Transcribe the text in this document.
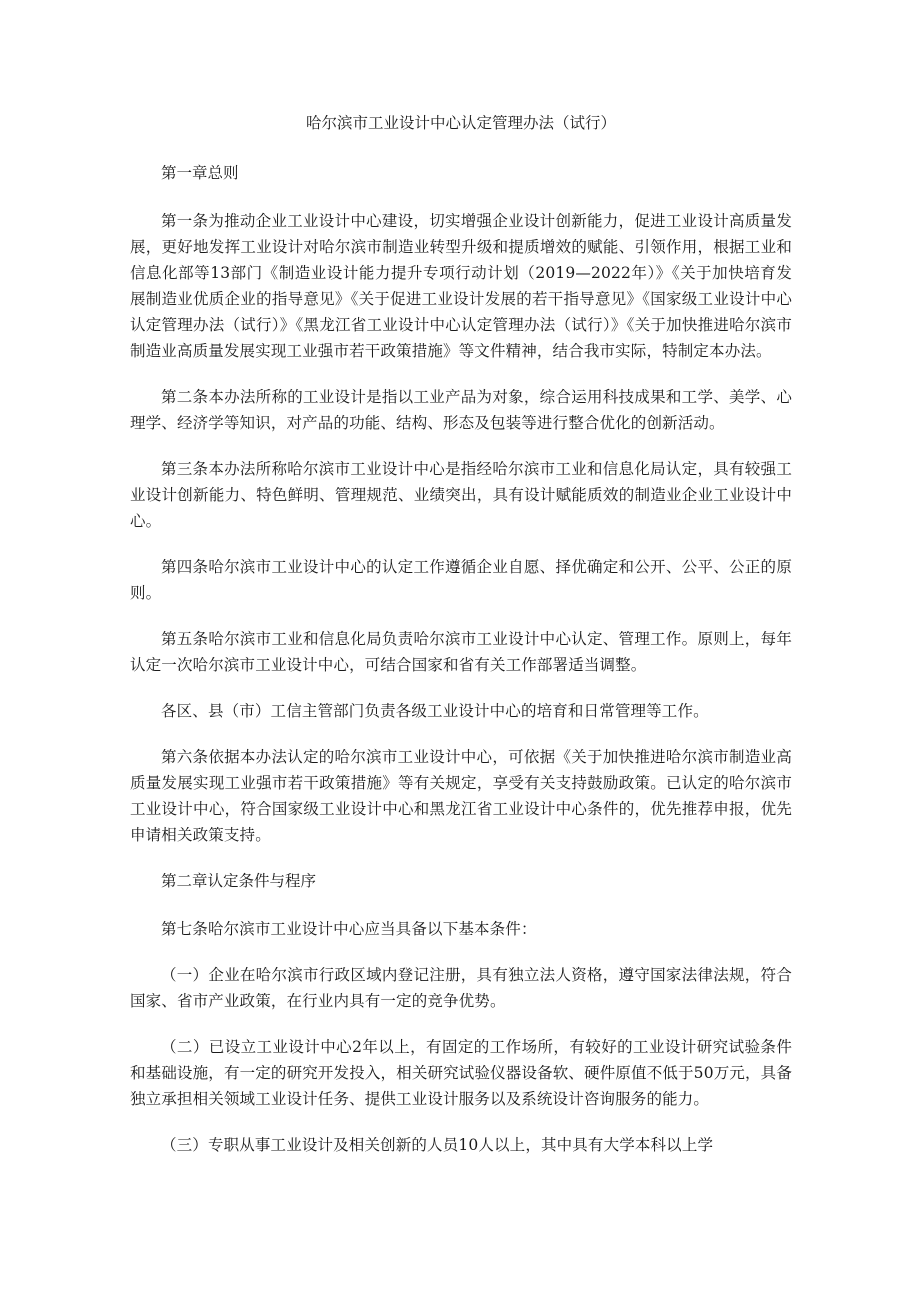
哈尔滨市工业设计中心认定管理办法（试行）
第一章总则
第一条为推动企业工业设计中心建设，切实增强企业设计创新能力，促进工业设计高质量发展，更好地发挥工业设计对哈尔滨市制造业转型升级和提质增效的赋能、引领作用，根据工业和信息化部等13部门《制造业设计能力提升专项行动计划（2019—2022年）》《关于加快培育发展制造业优质企业的指导意见》《关于促进工业设计发展的若干指导意见》《国家级工业设计中心认定管理办法（试行）》《黑龙江省工业设计中心认定管理办法（试行）》《关于加快推进哈尔滨市制造业高质量发展实现工业强市若干政策措施》等文件精神，结合我市实际，特制定本办法。
第二条本办法所称的工业设计是指以工业产品为对象，综合运用科技成果和工学、美学、心理学、经济学等知识，对产品的功能、结构、形态及包装等进行整合优化的创新活动。
第三条本办法所称哈尔滨市工业设计中心是指经哈尔滨市工业和信息化局认定，具有较强工业设计创新能力、特色鲜明、管理规范、业绩突出，具有设计赋能质效的制造业企业工业设计中心。
第四条哈尔滨市工业设计中心的认定工作遵循企业自愿、择优确定和公开、公平、公正的原则。
第五条哈尔滨市工业和信息化局负责哈尔滨市工业设计中心认定、管理工作。原则上，每年认定一次哈尔滨市工业设计中心，可结合国家和省有关工作部署适当调整。
各区、县（市）工信主管部门负责各级工业设计中心的培育和日常管理等工作。
第六条依据本办法认定的哈尔滨市工业设计中心，可依据《关于加快推进哈尔滨市制造业高质量发展实现工业强市若干政策措施》等有关规定，享受有关支持鼓励政策。已认定的哈尔滨市工业设计中心，符合国家级工业设计中心和黑龙江省工业设计中心条件的，优先推荐申报，优先申请相关政策支持。
第二章认定条件与程序
第七条哈尔滨市工业设计中心应当具备以下基本条件：
（一）企业在哈尔滨市行政区域内登记注册，具有独立法人资格，遵守国家法律法规，符合国家、省市产业政策，在行业内具有一定的竞争优势。
（二）已设立工业设计中心2年以上，有固定的工作场所，有较好的工业设计研究试验条件和基础设施，有一定的研究开发投入，相关研究试验仪器设备软、硬件原值不低于50万元，具备独立承担相关领域工业设计任务、提供工业设计服务以及系统设计咨询服务的能力。
（三）专职从事工业设计及相关创新的人员10人以上，其中具有大学本科以上学
